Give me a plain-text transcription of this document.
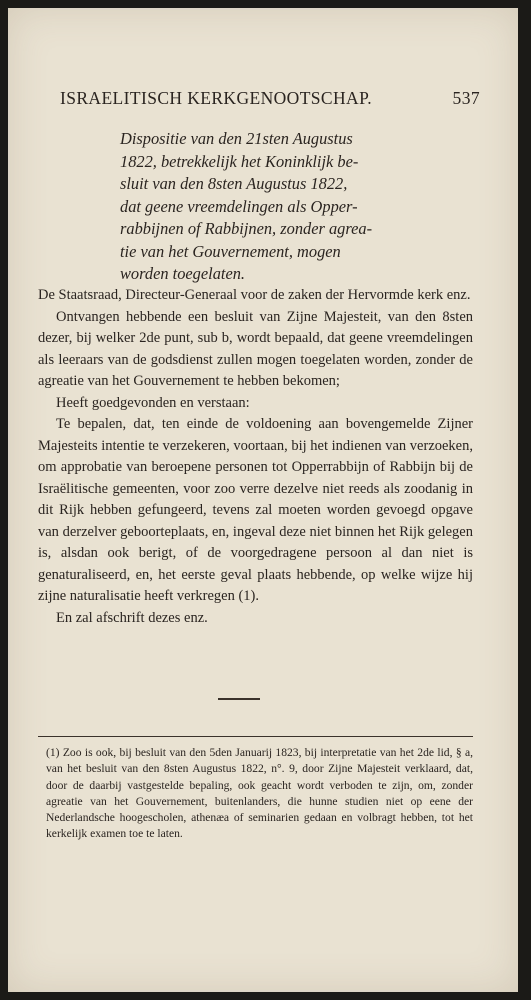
ISRAELITISCH KERKGENOOTSCHAP.	537
Dispositie van den 21sten Augustus
1822, betrekkelijk het Koninklijk be-
sluit van den 8sten Augustus 1822,
dat geene vreemdelingen als Opper-
rabbijnen of Rabbijnen, zonder agrea-
tie van het Gouvernement, mogen
worden toegelaten.

De Staatsraad, Directeur-Generaal voor de zaken der Hervormde kerk enz.

Ontvangen hebbende een besluit van Zijne Majesteit, van den 8sten dezer, bij welker 2de punt, sub b, wordt bepaald, dat geene vreemdelingen als leeraars van de godsdienst zullen mogen toegelaten worden, zonder de agreatie van het Gouvernement te hebben bekomen;

Heeft goedgevonden en verstaan:

Te bepalen, dat, ten einde de voldoening aan bovengemelde Zijner Majesteits intentie te verzekeren, voortaan, bij het indienen van verzoeken, om approbatie van beroepene personen tot Opperrabbijn of Rabbijn bij de Israëlitische gemeenten, voor zoo verre dezelve niet reeds als zoodanig in dit Rijk hebben gefungeerd, tevens zal moeten worden gevoegd opgave van derzelver geboorteplaats, en, ingeval deze niet binnen het Rijk gelegen is, alsdan ook berigt, of de voorgedragene persoon al dan niet is genaturaliseerd, en, het eerste geval plaats hebbende, op welke wijze hij zijne naturalisatie heeft verkregen (1).

En zal afschrift dezes enz.

(1) Zoo is ook, bij besluit van den 5den Januarij 1823, bij interpretatie van het 2de lid, § a, van het besluit van den 8sten Augustus 1822, n°. 9, door Zijne Majesteit verklaard, dat, door de daarbij vastgestelde bepaling, ook geacht wordt verboden te zijn, om, zonder agreatie van het Gouvernement, buitenlanders, die hunne studien niet op eene der Nederlandsche hoogescholen, athenæa of seminarien gedaan en volbragt hebben, tot het kerkelijk examen toe te laten.
